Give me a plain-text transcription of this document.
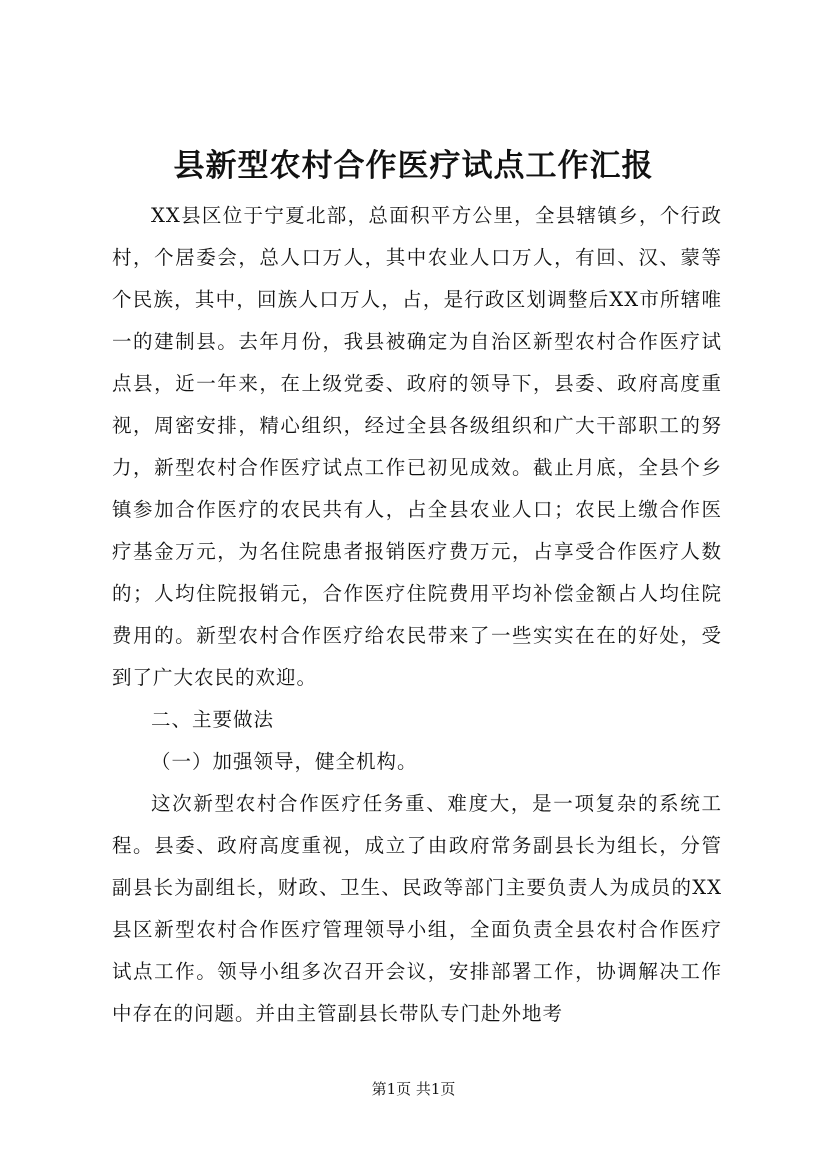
县新型农村合作医疗试点工作汇报

XX县区位于宁夏北部，总面积平方公里，全县辖镇乡，个行政村，个居委会，总人口万人，其中农业人口万人，有回、汉、蒙等个民族，其中，回族人口万人，占，是行政区划调整后XX市所辖唯一的建制县。去年月份，我县被确定为自治区新型农村合作医疗试点县，近一年来，在上级党委、政府的领导下，县委、政府高度重视，周密安排，精心组织，经过全县各级组织和广大干部职工的努力，新型农村合作医疗试点工作已初见成效。截止月底，全县个乡镇参加合作医疗的农民共有人，占全县农业人口；农民上缴合作医疗基金万元，为名住院患者报销医疗费万元，占享受合作医疗人数的；人均住院报销元，合作医疗住院费用平均补偿金额占人均住院费用的。新型农村合作医疗给农民带来了一些实实在在的好处，受到了广大农民的欢迎。

二、主要做法

（一）加强领导，健全机构。

这次新型农村合作医疗任务重、难度大，是一项复杂的系统工程。县委、政府高度重视，成立了由政府常务副县长为组长，分管副县长为副组长，财政、卫生、民政等部门主要负责人为成员的XX县区新型农村合作医疗管理领导小组，全面负责全县农村合作医疗试点工作。领导小组多次召开会议，安排部署工作，协调解决工作中存在的问题。并由主管副县长带队专门赴外地考

第1页 共1页
